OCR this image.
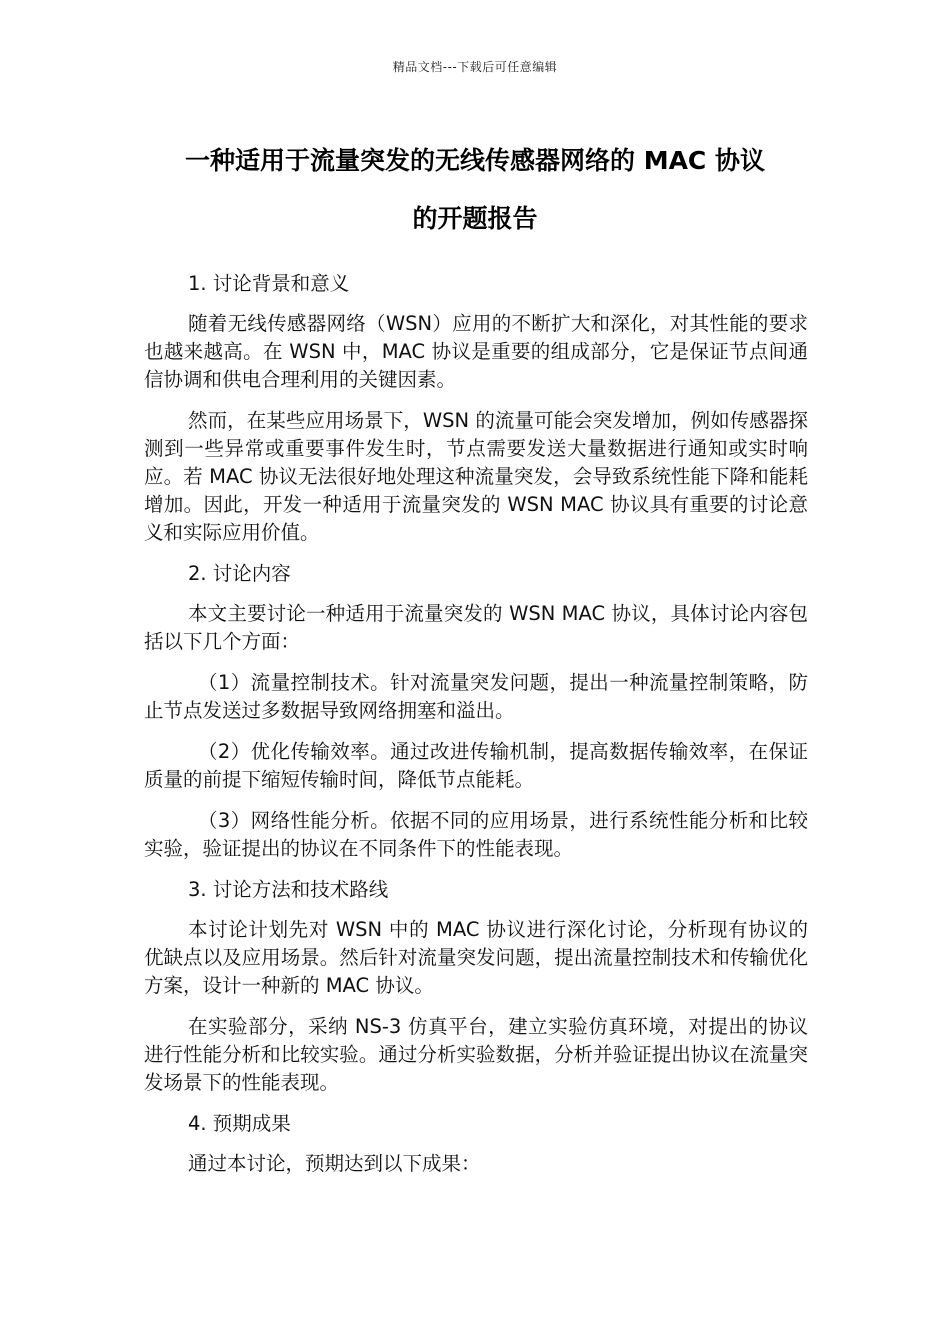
精品文档---下载后可任意编辑
一种适用于流量突发的无线传感器网络的 MAC 协议
的开题报告

1. 讨论背景和意义

随着无线传感器网络（WSN）应用的不断扩大和深化，对其性能的要求也越来越高。在 WSN 中，MAC 协议是重要的组成部分，它是保证节点间通信协调和供电合理利用的关键因素。

然而，在某些应用场景下，WSN 的流量可能会突发增加，例如传感器探测到一些异常或重要事件发生时，节点需要发送大量数据进行通知或实时响应。若 MAC 协议无法很好地处理这种流量突发，会导致系统性能下降和能耗增加。因此，开发一种适用于流量突发的 WSN MAC 协议具有重要的讨论意义和实际应用价值。

2. 讨论内容

本文主要讨论一种适用于流量突发的 WSN MAC 协议，具体讨论内容包括以下几个方面：

（1）流量控制技术。针对流量突发问题，提出一种流量控制策略，防止节点发送过多数据导致网络拥塞和溢出。

（2）优化传输效率。通过改进传输机制，提高数据传输效率，在保证质量的前提下缩短传输时间，降低节点能耗。

（3）网络性能分析。依据不同的应用场景，进行系统性能分析和比较实验，验证提出的协议在不同条件下的性能表现。

3. 讨论方法和技术路线

本讨论计划先对 WSN 中的 MAC 协议进行深化讨论，分析现有协议的优缺点以及应用场景。然后针对流量突发问题，提出流量控制技术和传输优化方案，设计一种新的 MAC 协议。

在实验部分，采纳 NS-3 仿真平台，建立实验仿真环境，对提出的协议进行性能分析和比较实验。通过分析实验数据，分析并验证提出协议在流量突发场景下的性能表现。

4. 预期成果

通过本讨论，预期达到以下成果：
